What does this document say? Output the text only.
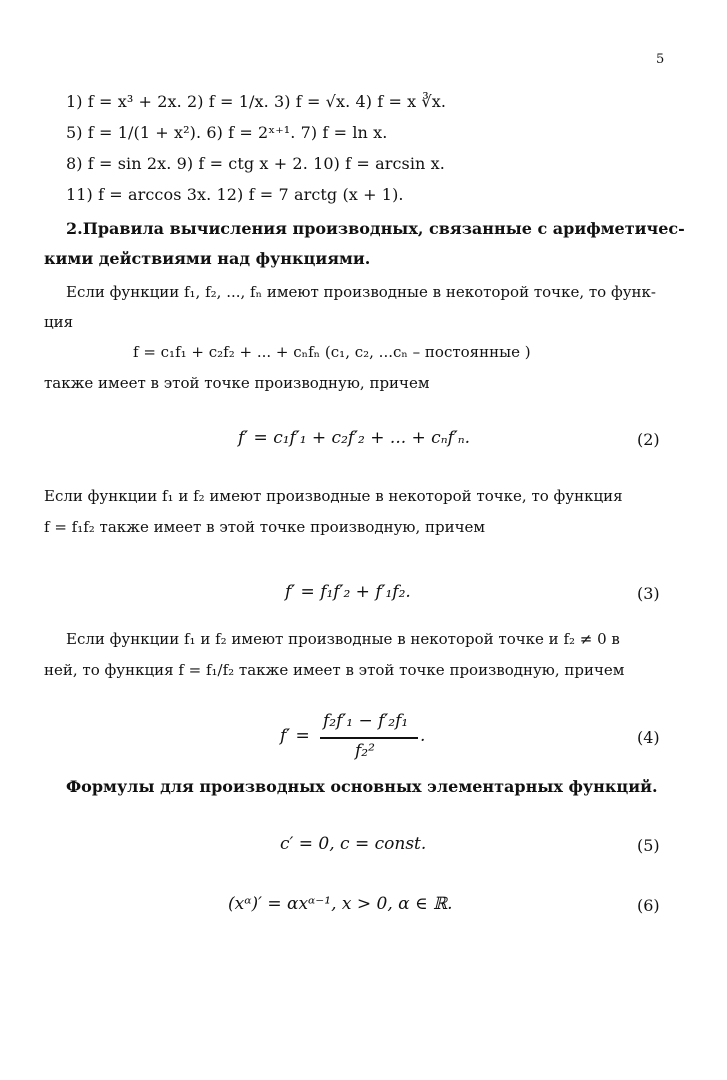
5
1) f = x³ + 2x. 2) f = 1/x. 3) f = √x. 4) f = x ∛x.
5) f = 1/(1 + x²). 6) f = 2ˣ⁺¹. 7) f = ln x.
8) f = sin 2x. 9) f = ctg x + 2. 10) f = arcsin x.
11) f = arccos 3x. 12) f = 7 arctg (x + 1).
2.Правила вычисления производных, связанные с арифметичес-
кими действиями над функциями.
Если функции f₁, f₂, ..., fₙ имеют производные в некоторой точке, то функ-
ция
f = c₁f₁ + c₂f₂ + ... + cₙfₙ (c₁, c₂, ...cₙ – постоянные )
также имеет в этой точке производную, причем
f′ = c₁f′₁ + c₂f′₂ + ... + cₙf′ₙ.	(2)
Если функции f₁ и f₂ имеют производные в некоторой точке, то функция
f = f₁f₂ также имеет в этой точке производную, причем
f′ = f₁f′₂ + f′₁f₂.	(3)
Если функции f₁ и f₂ имеют производные в некоторой точке и f₂ ≠ 0 в
ней, то функция f = f₁/f₂ также имеет в этой точке производную, причем
f′ =
f₂f′₁ − f′₂f₁
f₂²
.	(4)
Формулы для производных основных элементарных функций.
c′ = 0, c = const.	(5)
(xᵅ)′ = αxᵅ⁻¹, x > 0, α ∈ ℝ.	(6)
